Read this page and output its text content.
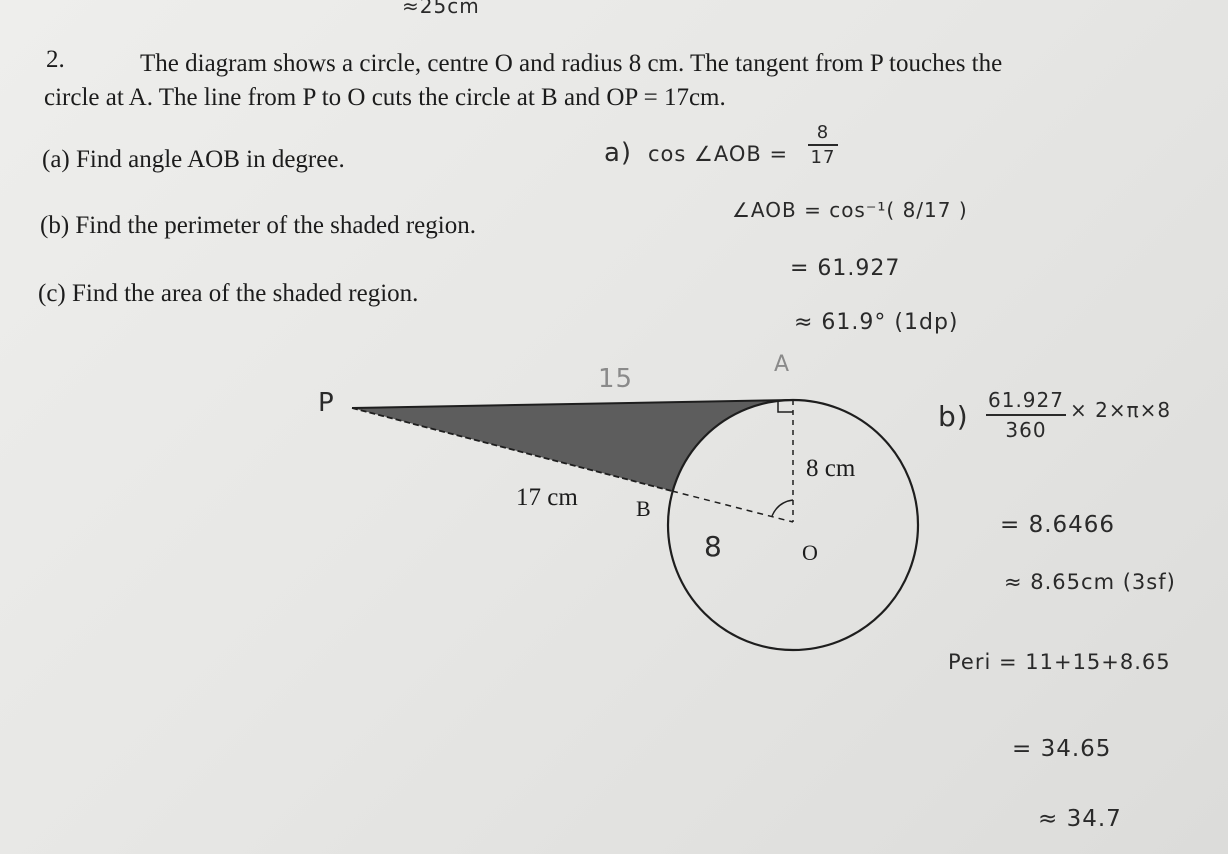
≈25cm
2.	The diagram shows a circle, centre O and radius 8 cm. The tangent from P touches the
circle at A. The line from P to O cuts the circle at B and OP = 17cm.
(a) Find angle AOB in degree.
(b) Find the perimeter of the shaded region.
(c) Find the area of the shaded region.
P
A
15
B
O
8 cm
17 cm
8
a) cos ∠AOB =
8
17
∠AOB = cos⁻¹( 8/17 )
= 61.927
≈ 61.9° (1dp)
b) 61.927
360
× 2×π×8
= 8.6466
≈ 8.65cm (3sf)
Peri = 11+15+8.65
= 34.65
≈ 34.7
